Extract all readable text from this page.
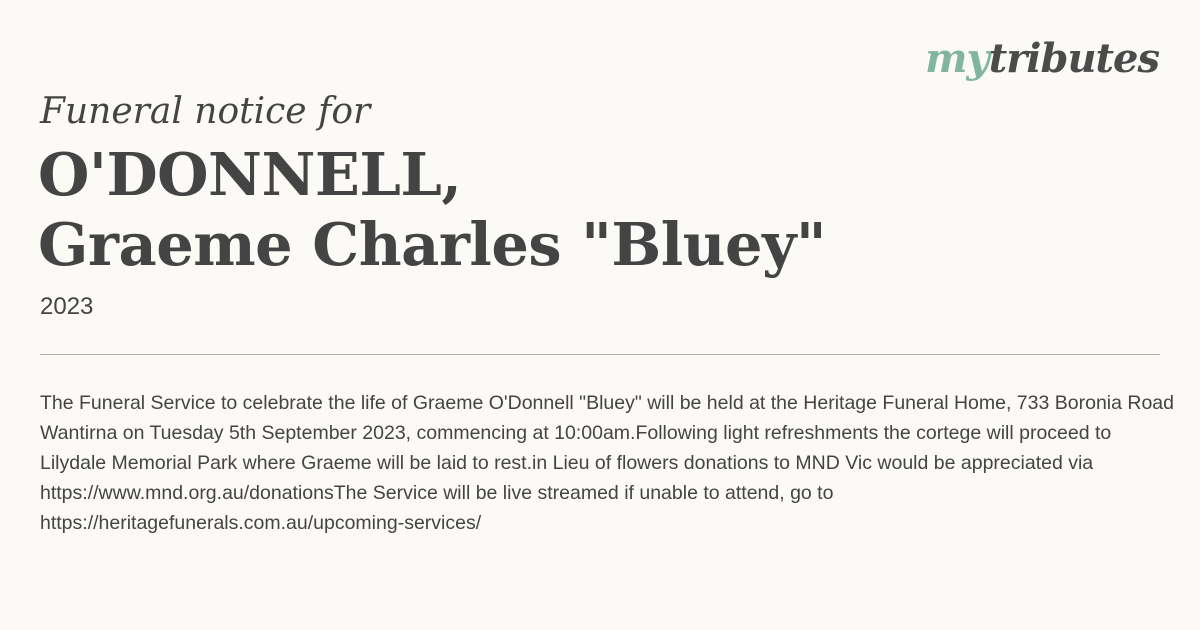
mytributes
Funeral notice for
O'DONNELL,
Graeme Charles "Bluey"
2023

The Funeral Service to celebrate the life of Graeme O'Donnell "Bluey" will be held at the Heritage Funeral Home, 733 Boronia Road Wantirna on Tuesday 5th September 2023, commencing at 10:00am.Following light refreshments the cortege will proceed to Lilydale Memorial Park where Graeme will be laid to rest.in Lieu of flowers donations to MND Vic would be appreciated via https://www.mnd.org.au/donationsThe Service will be live streamed if unable to attend, go to https://heritagefunerals.com.au/upcoming-services/
